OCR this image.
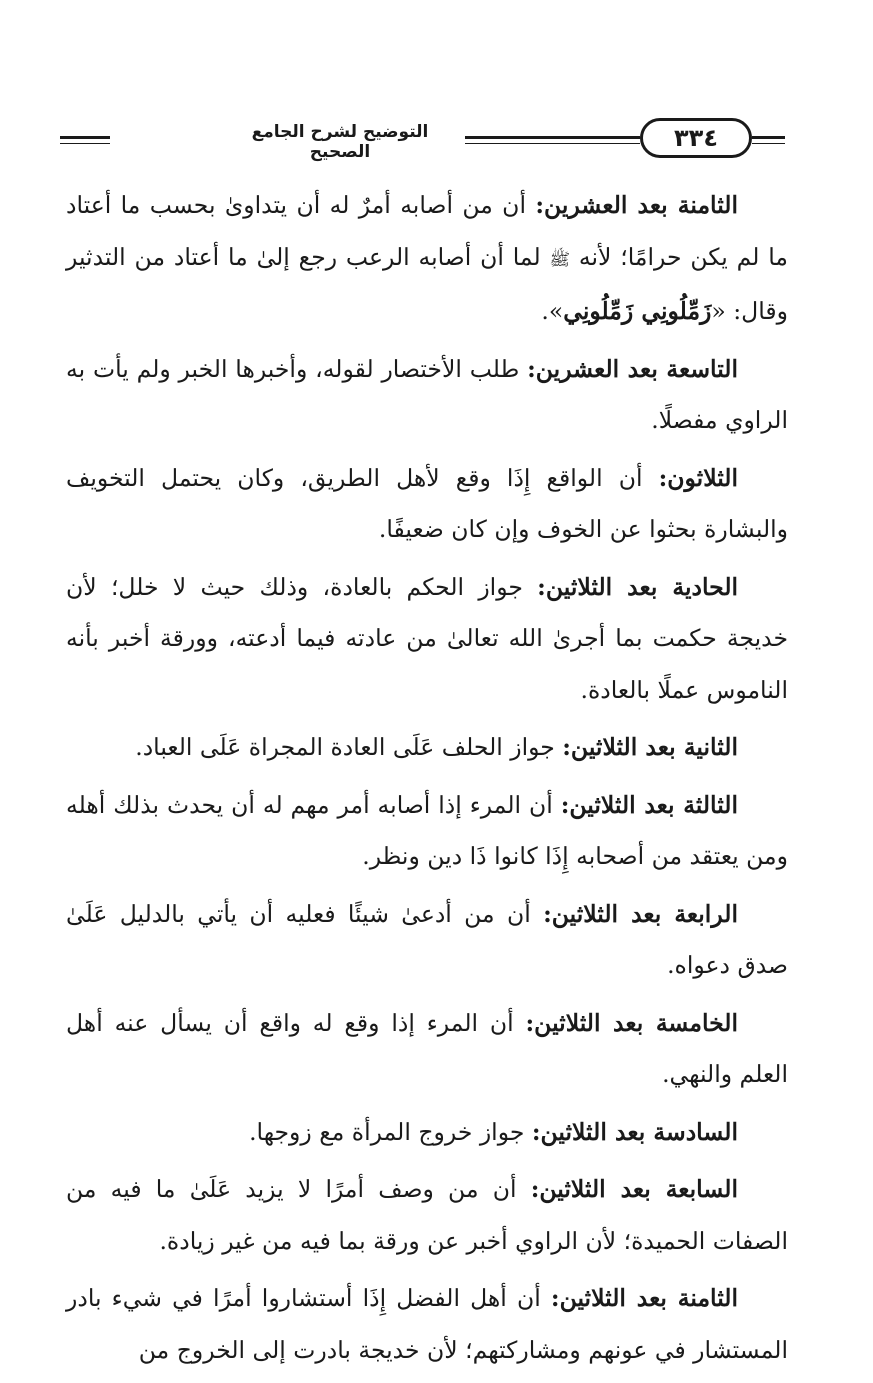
التوضيح لشرح الجامع الصحيح	٣٣٤

الثامنة بعد العشرين: أن من أصابه أمرٌ له أن يتداوىٰ بحسب ما أعتاد ما لم يكن حرامًا؛ لأنه ﷺ لما أن أصابه الرعب رجع إلىٰ ما أعتاد من التدثير وقال: «زَمِّلُونِي زَمِّلُونِي».

التاسعة بعد العشرين: طلب الأختصار لقوله، وأخبرها الخبر ولم يأت به الراوي مفصلًا.

الثلاثون: أن الواقع إِذَا وقع لأهل الطريق، وكان يحتمل التخويف والبشارة بحثوا عن الخوف وإن كان ضعيفًا.

الحادية بعد الثلاثين: جواز الحكم بالعادة، وذلك حيث لا خلل؛ لأن خديجة حكمت بما أجرىٰ الله تعالىٰ من عادته فيما أدعته، وورقة أخبر بأنه الناموس عملًا بالعادة.

الثانية بعد الثلاثين: جواز الحلف عَلَى العادة المجراة عَلَى العباد.

الثالثة بعد الثلاثين: أن المرء إذا أصابه أمر مهم له أن يحدث بذلك أهله ومن يعتقد من أصحابه إِذَا كانوا ذَا دين ونظر.

الرابعة بعد الثلاثين: أن من أدعىٰ شيئًا فعليه أن يأتي بالدليل عَلَىٰ صدق دعواه.

الخامسة بعد الثلاثين: أن المرء إذا وقع له واقع أن يسأل عنه أهل العلم والنهي.

السادسة بعد الثلاثين: جواز خروج المرأة مع زوجها.

السابعة بعد الثلاثين: أن من وصف أمرًا لا يزيد عَلَىٰ ما فيه من الصفات الحميدة؛ لأن الراوي أخبر عن ورقة بما فيه من غير زيادة.

الثامنة بعد الثلاثين: أن أهل الفضل إِذَا أستشاروا أمرًا في شيء بادر المستشار في عونهم ومشاركتهم؛ لأن خديجة بادرت إلى الخروج من
